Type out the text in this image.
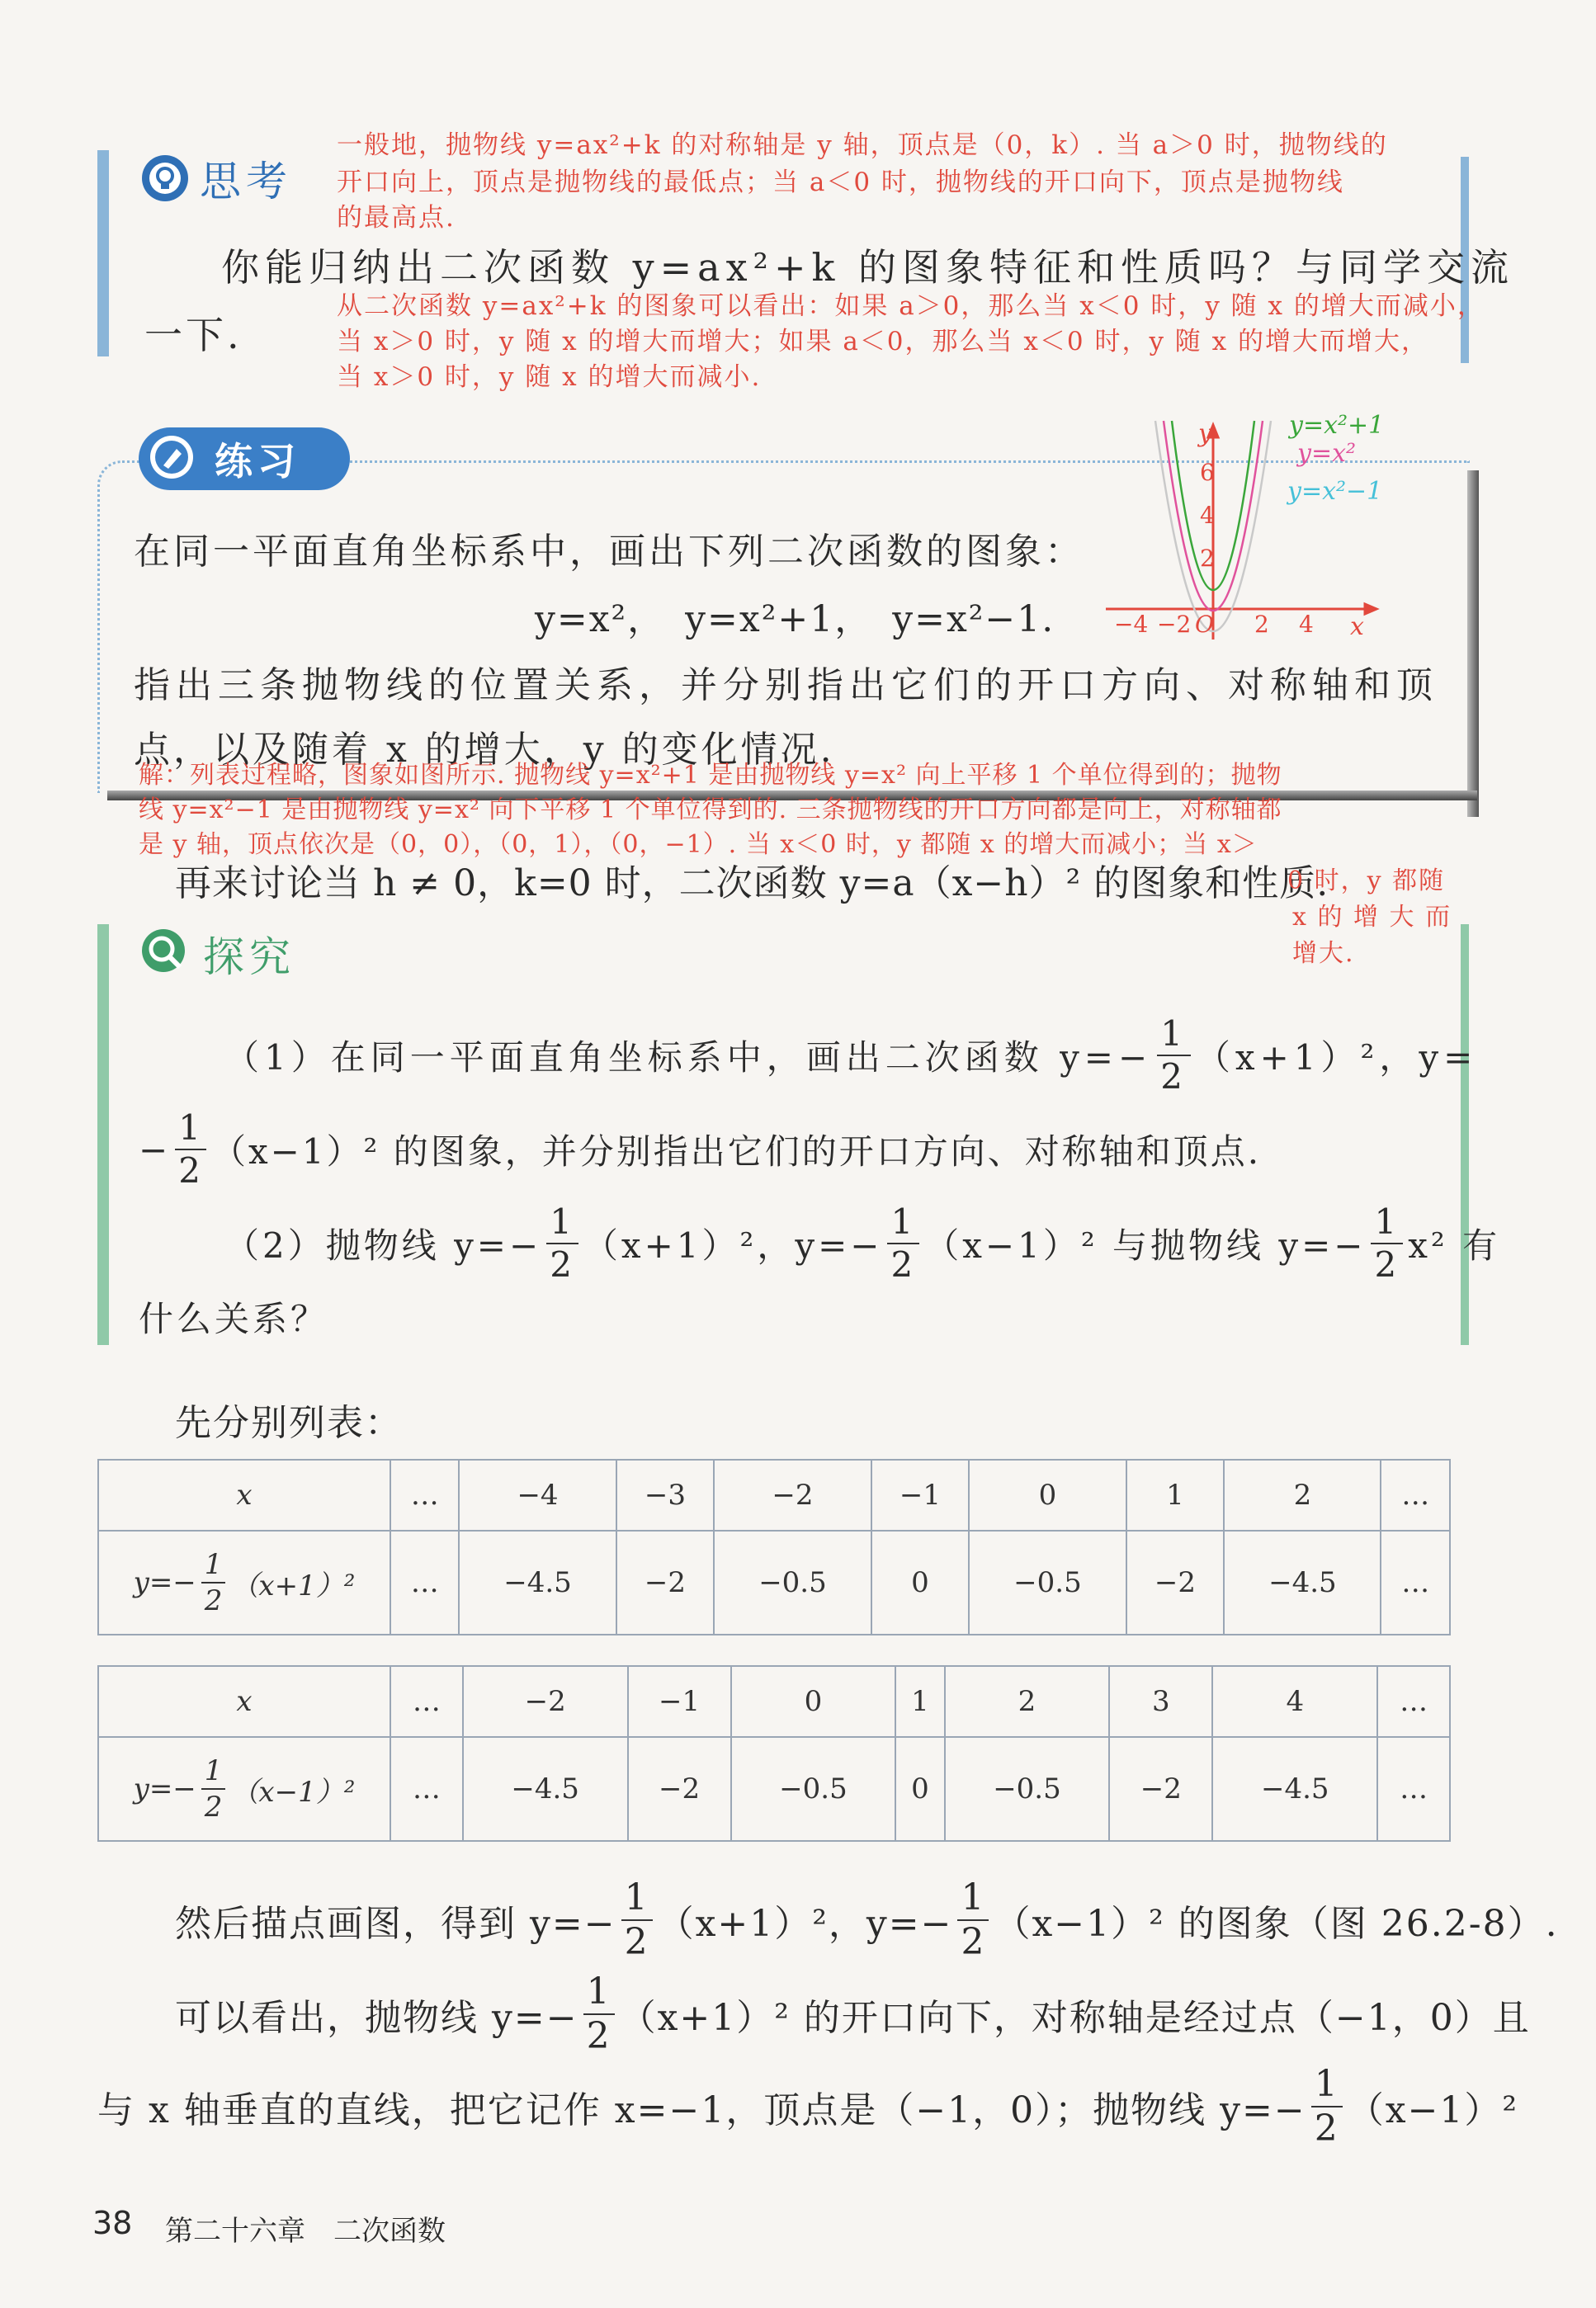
思考
一般地，抛物线 y=ax²+k 的对称轴是 y 轴，顶点是（0，k）. 当 a＞0 时，抛物线的
开口向上，顶点是抛物线的最低点；当 a＜0 时，抛物线的开口向下，顶点是抛物线
的最高点.
你能归纳出二次函数 y=ax²+k 的图象特征和性质吗？与同学交流
一下.
从二次函数 y=ax²+k 的图象可以看出：如果 a＞0，那么当 x＜0 时，y 随 x 的增大而减小，
当 x＞0 时，y 随 x 的增大而增大；如果 a＜0，那么当 x＜0 时，y 随 x 的增大而增大，
当 x＞0 时，y 随 x 的增大而减小.
练习
在同一平面直角坐标系中，画出下列二次函数的图象：
y=x²，　y=x²+1，　y=x²−1.
指出三条抛物线的位置关系，并分别指出它们的开口方向、对称轴和顶
点，以及随着 x 的增大，y 的变化情况.
y=x²+1
y=x²
y=x²−1
y
6
4
2
−4 −2 O 2 4 x
解：列表过程略，图象如图所示. 抛物线 y=x²+1 是由抛物线 y=x² 向上平移 1 个单位得到的；抛物
线 y=x²−1 是由抛物线 y=x² 向下平移 1 个单位得到的. 三条抛物线的开口方向都是向上，对称轴都
是 y 轴，顶点依次是（0，0），（0，1），（0，−1）. 当 x＜0 时，y 都随 x 的增大而减小；当 x＞
再来讨论当 h ≠ 0，k=0 时，二次函数 y=a（x−h）² 的图象和性质.
0 时，y 都随
x 的 增 大 而
增大.
探究
（1）在同一平面直角坐标系中，画出二次函数 $y=- \frac{1}{2} (x+1)^2$，y=
− $\frac{1}{2} (x-1)^2$ 的图象，并分别指出它们的开口方向、对称轴和顶点.
（2）抛物线 $y=- \frac{1}{2} (x+1)^2$，$y=- \frac{1}{2} (x-1)^2$ 与抛物线 $y=- \frac{1}{2} x^2$ 有
什么关系？
先分别列表：
x	…	−4	−3	−2	−1	0	1	2	…

$y=- \frac{1}{2} (x+1)^2$	…	−4.5	−2	−0.5	0	−0.5	−2	−4.5	…
x	…	−2	−1	0	1	2	3	4	…

$y=- \frac{1}{2} (x-1)^2$	…	−4.5	−2	−0.5	0	−0.5	−2	−4.5	…
然后描点画图，得到 $y=- \frac{1}{2} (x+1)^2$，$y=- \frac{1}{2} (x-1)^2$ 的图象（图 26.2-8）.
可以看出，抛物线 $y=- \frac{1}{2} (x+1)^2$ 的开口向下，对称轴是经过点（−1，0）且
与 x 轴垂直的直线，把它记作 x=−1，顶点是（−1，0）；抛物线 $y=- \frac{1}{2} (x-1)^2$
38 第二十六章　二次函数
